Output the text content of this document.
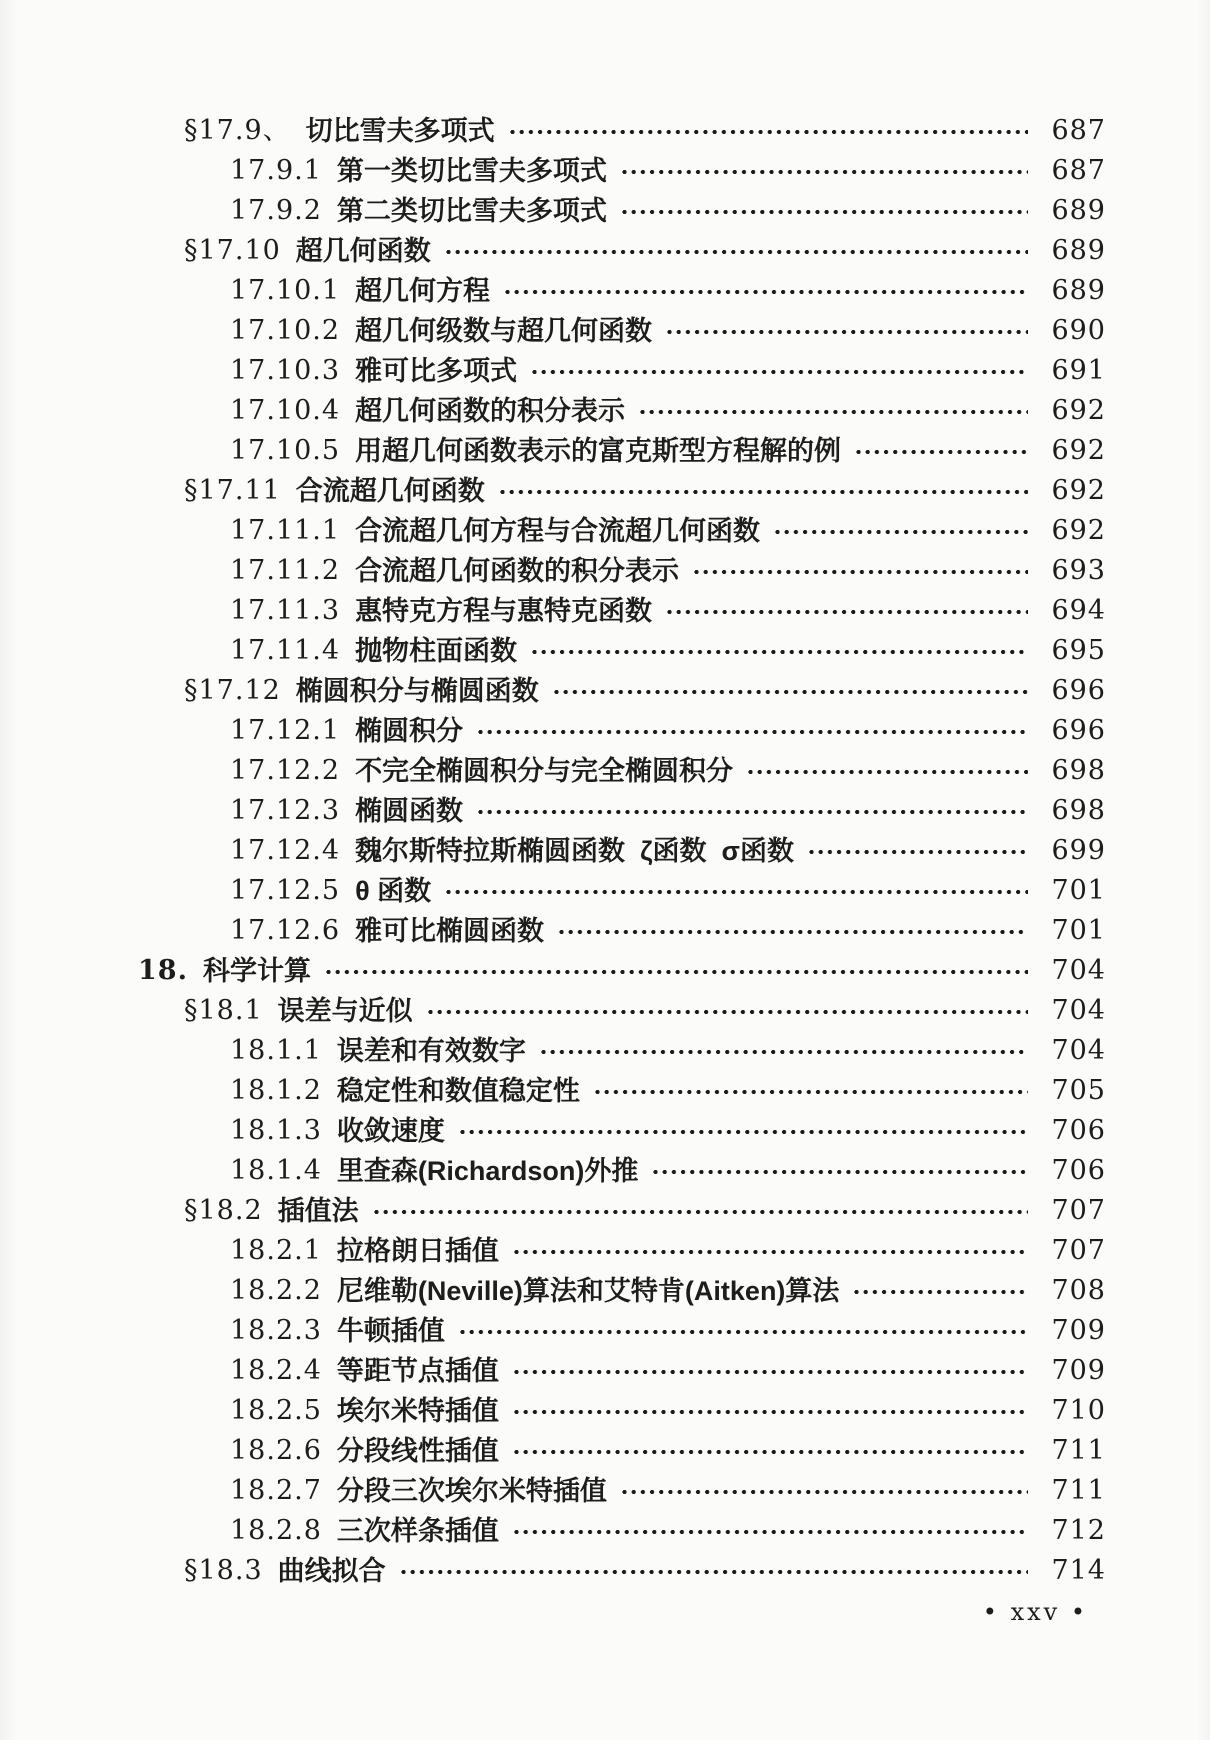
§17.9、 切比雪夫多项式	687
17.9.1 第一类切比雪夫多项式	687
17.9.2 第二类切比雪夫多项式	689
§17.10 超几何函数	689
17.10.1 超几何方程	689
17.10.2 超几何级数与超几何函数	690
17.10.3 雅可比多项式	691
17.10.4 超几何函数的积分表示	692
17.10.5 用超几何函数表示的富克斯型方程解的例	692
§17.11 合流超几何函数	692
17.11.1 合流超几何方程与合流超几何函数	692
17.11.2 合流超几何函数的积分表示	693
17.11.3 惠特克方程与惠特克函数	694
17.11.4 抛物柱面函数	695
§17.12 椭圆积分与椭圆函数	696
17.12.1 椭圆积分	696
17.12.2 不完全椭圆积分与完全椭圆积分	698
17.12.3 椭圆函数	698
17.12.4 魏尔斯特拉斯椭圆函数  ζ函数  σ函数	699
17.12.5 θ 函数	701
17.12.6 雅可比椭圆函数	701
18. 科学计算	704
§18.1 误差与近似	704
18.1.1 误差和有效数字	704
18.1.2 稳定性和数值稳定性	705
18.1.3 收敛速度	706
18.1.4 里查森(Richardson)外推	706
§18.2 插值法	707
18.2.1 拉格朗日插值	707
18.2.2 尼维勒(Neville)算法和艾特肯(Aitken)算法	708
18.2.3 牛顿插值	709
18.2.4 等距节点插值	709
18.2.5 埃尔米特插值	710
18.2.6 分段线性插值	711
18.2.7 分段三次埃尔米特插值	711
18.2.8 三次样条插值	712
§18.3 曲线拟合	714
• xxv •
